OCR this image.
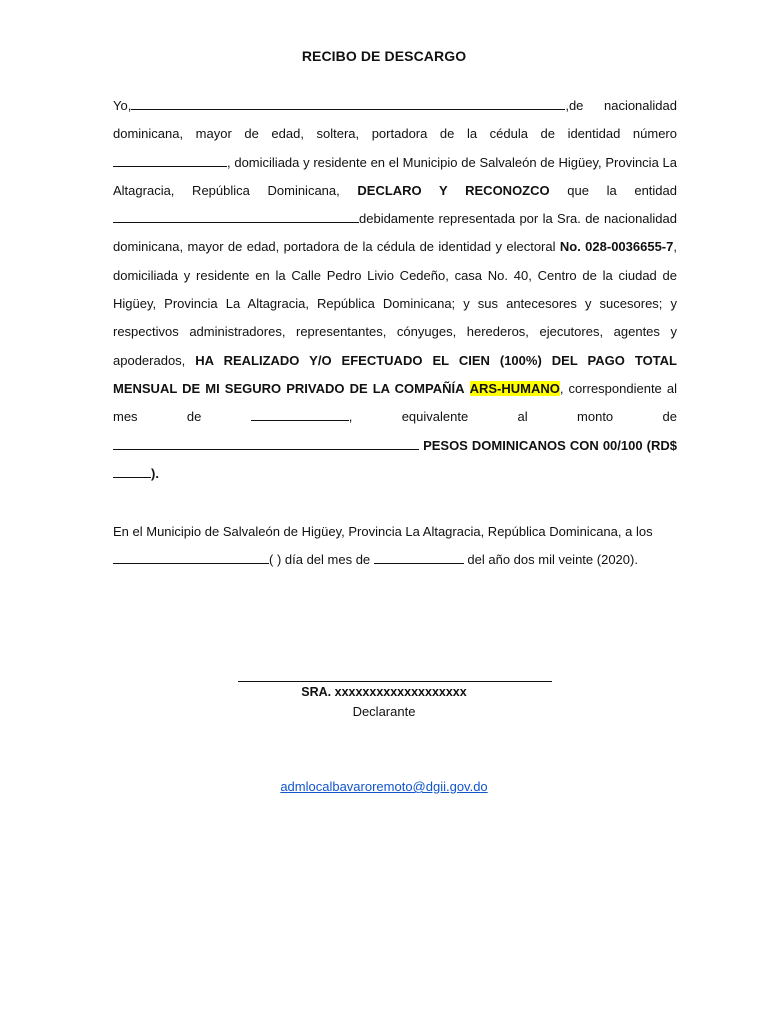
RECIBO DE DESCARGO

Yo,	,de nacionalidad dominicana, mayor de edad, soltera, portadora de la cédula de identidad número , domiciliada y residente en el Municipio de Salvaleón de Higüey, Provincia La Altagracia, República Dominicana, DECLARO Y RECONOZCO que la entidad debidamente representada por la Sra. de nacionalidad dominicana, mayor de edad, portadora de la cédula de identidad y electoral No. 028-0036655-7, domiciliada y residente en la Calle Pedro Livio Cedeño, casa No. 40, Centro de la ciudad de Higüey, Provincia La Altagracia, República Dominicana; y sus antecesores y sucesores; y respectivos administradores, representantes, cónyuges, herederos, ejecutores, agentes y apoderados, HA REALIZADO Y/O EFECTUADO EL CIEN (100%) DEL PAGO TOTAL MENSUAL DE MI SEGURO PRIVADO DE LA COMPAÑÍA ARS-HUMANO, correspondiente al mes de	, equivalente al monto de  PESOS DOMINICANOS CON 00/100 (RD$).

En el Municipio de Salvaleón de Higüey, Provincia La Altagracia, República Dominicana, a los ( ) día del mes de	del año dos mil veinte (2020).

SRA. xxxxxxxxxxxxxxxxxxx
Declarante
admlocalbavaroremoto@dgii.gov.do
